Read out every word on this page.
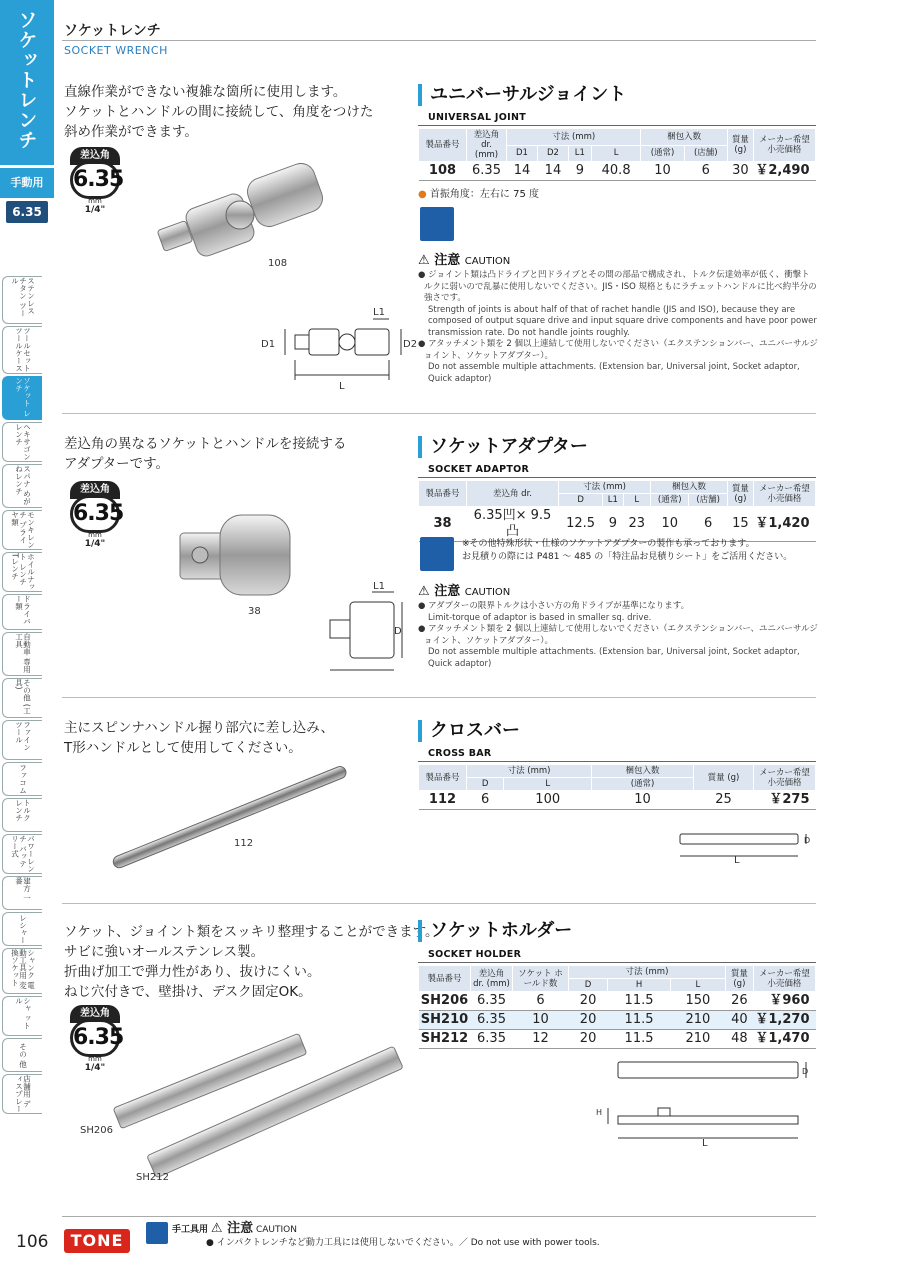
ソケットレンチ
手動用
6.35
ステンレス チタン ツール
ツールセット ツールケース
ソケット レンチ
ヘキサゴン レンチ
スパナ めがねレンチ
モンキレンチ プライヤ類
ホイルナット レンチ Tレンチ
ドライバー類
自動車 専用工具
その他 (工具)
ファイン ツール
ファコム
トルク レンチ
パワーレンチ バッテリー式
建方 一番
レシャー
シャンク 電動工具用 変換ソケット
シャ ット ル
その 他
店舗用 ディスプレー
ソケットレンチ
SOCKET WRENCH
直線作業ができない複雑な箇所に使用します。
ソケットとハンドルの間に接続して、角度をつけた
斜め作業ができます。
差込角
6.35
mm
1/4"
108
D1	D2
L1
L
ユニバーサルジョイント
UNIVERSAL JOINT
製品番号	差込角 dr. (mm)	寸法 (mm)				梱包入数		質量 (g)	メーカー希望 小売価格
		D1	D2	L1	L	(通常)	(店舗)		
108	6.35	14	14	9	40.8	10	6	30	￥2,490
● 首振角度：左右に 75 度
⚠ 注意 CAUTION

● ジョイント類は凸ドライブと凹ドライブとその間の部品で構成され、トルク伝達効率が低く、衝撃トルクに弱いので乱暴に使用しないでください。JIS・ISO 規格ともにラチェットハンドルに比べ約半分の強さです。

Strength of joints is about half of that of rachet handle (JIS and ISO), because they are composed of output square drive and input square drive components and have poor power transmission rate. Do not handle joints roughly.

● アタッチメント類を 2 個以上連結して使用しないでください（エクステンションバー、ユニバーサルジョイント、ソケットアダプター）。

Do not assemble multiple attachments. (Extension bar, Universal joint, Socket adaptor, Quick adaptor)

差込角の異なるソケットとハンドルを接続する
アダプターです。
差込角
6.35
mm
1/4"
38
L1
D
ソケットアダプター
SOCKET ADAPTOR
製品番号	差込角 dr.	寸法 (mm)			梱包入数		質量 (g)	メーカー希望 小売価格
		D	L1	L	(通常)	(店舗)		
38	6.35凹× 9.5凸	12.5	9	23	10	6	15	￥1,420
※その他特殊形状・仕様のソケットアダプターの製作も承っております。
お見積りの際には P481 ～ 485 の「特注品お見積りシート」をご活用ください。
⚠ 注意 CAUTION

● アダプターの限界トルクは小さい方の角ドライブが基準になります。

Limit-torque of adaptor is based in smaller sq. drive.

● アタッチメント類を 2 個以上連結して使用しないでください（エクステンションバー、ユニバーサルジョイント、ソケットアダプター）。

Do not assemble multiple attachments. (Extension bar, Universal joint, Socket adaptor, Quick adaptor)

主にスピンナハンドル握り部穴に差し込み、
T形ハンドルとして使用してください。
112
クロスバー
CROSS BAR
製品番号	寸法 (mm)		梱包入数	質量 (g)	メーカー希望 小売価格
	D	L	(通常)		
112	6	100	10	25	￥275
L
D
ソケット、ジョイント類をスッキリ整理することができます。
サビに強いオールステンレス製。
折曲げ加工で弾力性があり、抜けにくい。
ねじ穴付きで、壁掛け、デスク固定OK。
差込角
6.35
mm
1/4"
SH206
SH212
ソケットホルダー
SOCKET HOLDER
製品番号	差込角 dr. (mm)	ソケット ホールド数	寸法 (mm)			質量 (g)	メーカー希望 小売価格
			D	H	L		
SH206	6.35	6	20	11.5	150	26	￥960
SH210	6.35	10	20	11.5	210	40	￥1,270
SH212	6.35	12	20	11.5	210	48	￥1,470
D
L
H
106	TONE
手工具用 ⚠ 注意 CAUTION
● インパクトレンチなど動力工具には使用しないでください。／ Do not use with power tools.
